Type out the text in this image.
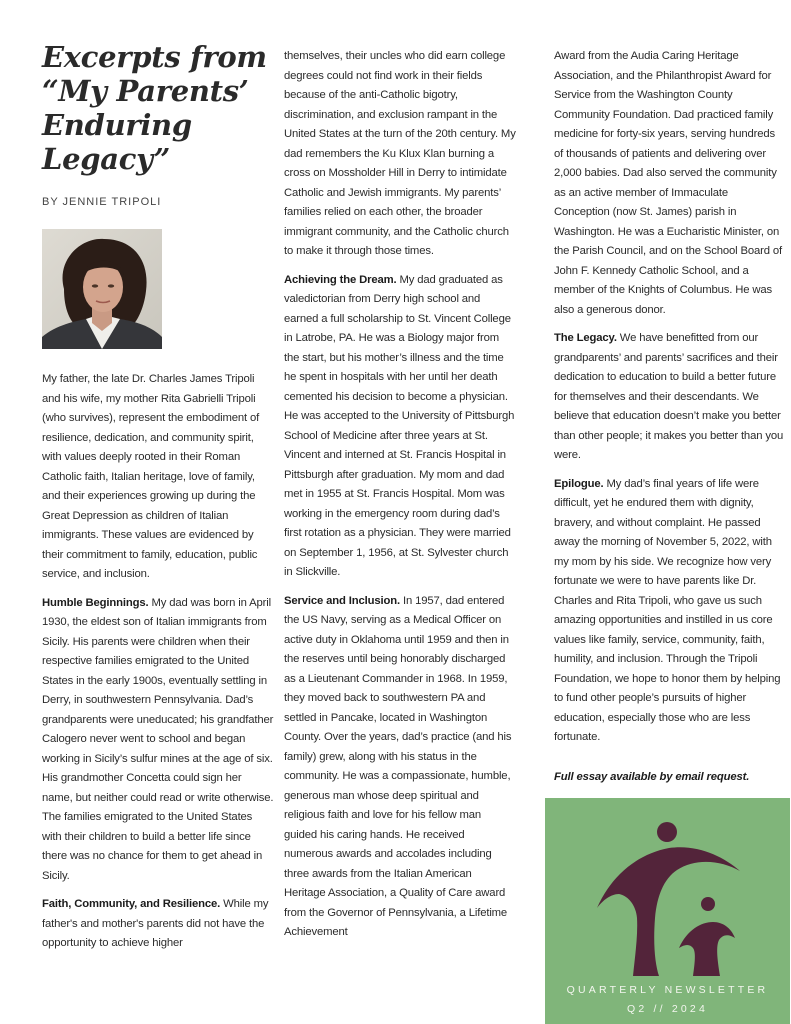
Excerpts from “My Parents’ Enduring Legacy”
BY JENNIE TRIPOLI

My father, the late Dr. Charles James Tripoli and his wife, my mother Rita Gabrielli Tripoli (who survives), represent the embodiment of resilience, dedication, and community spirit, with values deeply rooted in their Roman Catholic faith, Italian heritage, love of family, and their experiences growing up during the Great Depression as children of Italian immigrants. These values are evidenced by their commitment to family, education, public service, and inclusion.

Humble Beginnings. My dad was born in April 1930, the eldest son of Italian immigrants from Sicily. His parents were children when their respective families emigrated to the United States in the early 1900s, eventually settling in Derry, in southwestern Pennsylvania. Dad’s grandparents were uneducated; his grandfather Calogero never went to school and began working in Sicily’s sulfur mines at the age of six. His grandmother Concetta could sign her name, but neither could read or write otherwise. The families emigrated to the United States with their children to build a better life since there was no chance for them to get ahead in Sicily.

Faith, Community, and Resilience. While my father's and mother's parents did not have the opportunity to achieve higher

themselves, their uncles who did earn college degrees could not find work in their fields because of the anti-Catholic bigotry, discrimination, and exclusion rampant in the United States at the turn of the 20th century. My dad remembers the Ku Klux Klan burning a cross on Mossholder Hill in Derry to intimidate Catholic and Jewish immigrants. My parents’ families relied on each other, the broader immigrant community, and the Catholic church to make it through those times.

Achieving the Dream. My dad graduated as valedictorian from Derry high school and earned a full scholarship to St. Vincent College in Latrobe, PA. He was a Biology major from the start, but his mother’s illness and the time he spent in hospitals with her until her death cemented his decision to become a physician. He was accepted to the University of Pittsburgh School of Medicine after three years at St. Vincent and interned at St. Francis Hospital in Pittsburgh after graduation. My mom and dad met in 1955 at St. Francis Hospital. Mom was working in the emergency room during dad’s first rotation as a physician. They were married on September 1, 1956, at St. Sylvester church in Slickville.

Service and Inclusion. In 1957, dad entered the US Navy, serving as a Medical Officer on active duty in Oklahoma until 1959 and then in the reserves until being honorably discharged as a Lieutenant Commander in 1968. In 1959, they moved back to southwestern PA and settled in Pancake, located in Washington County. Over the years, dad’s practice (and his family) grew, along with his status in the community. He was a compassionate, humble, generous man whose deep spiritual and religious faith and love for his fellow man guided his caring hands. He received numerous awards and accolades including three awards from the Italian American Heritage Association, a Quality of Care award from the Governor of Pennsylvania, a Lifetime Achievement

Award from the Audia Caring Heritage Association, and the Philanthropist Award for Service from the Washington County Community Foundation. Dad practiced family medicine for forty-six years, serving hundreds of thousands of patients and delivering over 2,000 babies. Dad also served the community as an active member of Immaculate Conception (now St. James) parish in Washington. He was a Eucharistic Minister, on the Parish Council, and on the School Board of John F. Kennedy Catholic School, and a member of the Knights of Columbus. He was also a generous donor.

The Legacy. We have benefitted from our grandparents’ and parents’ sacrifices and their dedication to education to build a better future for themselves and their descendants. We believe that education doesn’t make you better than other people; it makes you better than you were.

Epilogue. My dad’s final years of life were difficult, yet he endured them with dignity, bravery, and without complaint. He passed away the morning of November 5, 2022, with my mom by his side. We recognize how very fortunate we were to have parents like Dr. Charles and Rita Tripoli, who gave us such amazing opportunities and instilled in us core values like family, service, community, faith, humility, and inclusion. Through the Tripoli Foundation, we hope to honor them by helping to fund other people’s pursuits of higher education, especially those who are less fortunate.

Full essay available by email request.

QUARTERLY NEWSLETTER
Q2 // 2024
